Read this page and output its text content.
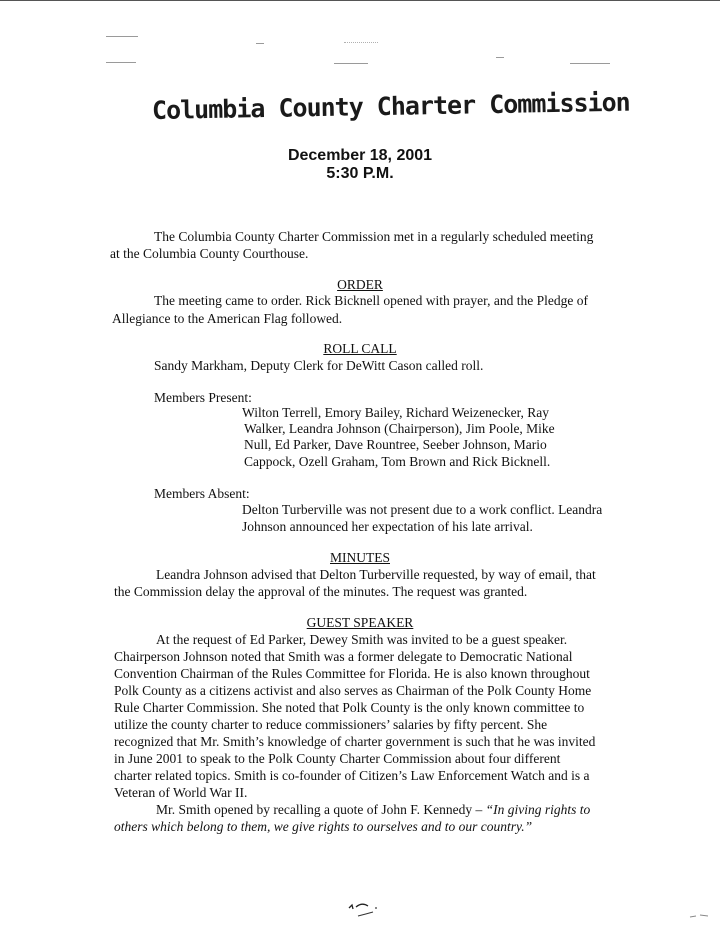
Columbia County Charter Commission
December 18, 2001
5:30 P.M.
The Columbia County Charter Commission met in a regularly scheduled meeting
at the Columbia County Courthouse.
ORDER
The meeting came to order. Rick Bicknell opened with prayer, and the Pledge of
Allegiance to the American Flag followed.
ROLL CALL
Sandy Markham, Deputy Clerk for DeWitt Cason called roll.
Members Present:
Wilton Terrell, Emory Bailey, Richard Weizenecker, Ray
Walker, Leandra Johnson (Chairperson), Jim Poole, Mike
Null, Ed Parker, Dave Rountree, Seeber Johnson, Mario
Cappock, Ozell Graham, Tom Brown and Rick Bicknell.
Members Absent:
Delton Turberville was not present due to a work conflict. Leandra
Johnson announced her expectation of his late arrival.
MINUTES
Leandra Johnson advised that Delton Turberville requested, by way of email, that
the Commission delay the approval of the minutes. The request was granted.
GUEST SPEAKER
At the request of Ed Parker, Dewey Smith was invited to be a guest speaker.
Chairperson Johnson noted that Smith was a former delegate to Democratic National
Convention Chairman of the Rules Committee for Florida. He is also known throughout
Polk County as a citizens activist and also serves as Chairman of the Polk County Home
Rule Charter Commission. She noted that Polk County is the only known committee to
utilize the county charter to reduce commissioners’ salaries by fifty percent. She
recognized that Mr. Smith’s knowledge of charter government is such that he was invited
in June 2001 to speak to the Polk County Charter Commission about four different
charter related topics. Smith is co-founder of Citizen’s Law Enforcement Watch and is a
Veteran of World War II.
Mr. Smith opened by recalling a quote of John F. Kennedy – “In giving rights to
others which belong to them, we give rights to ourselves and to our country.”
